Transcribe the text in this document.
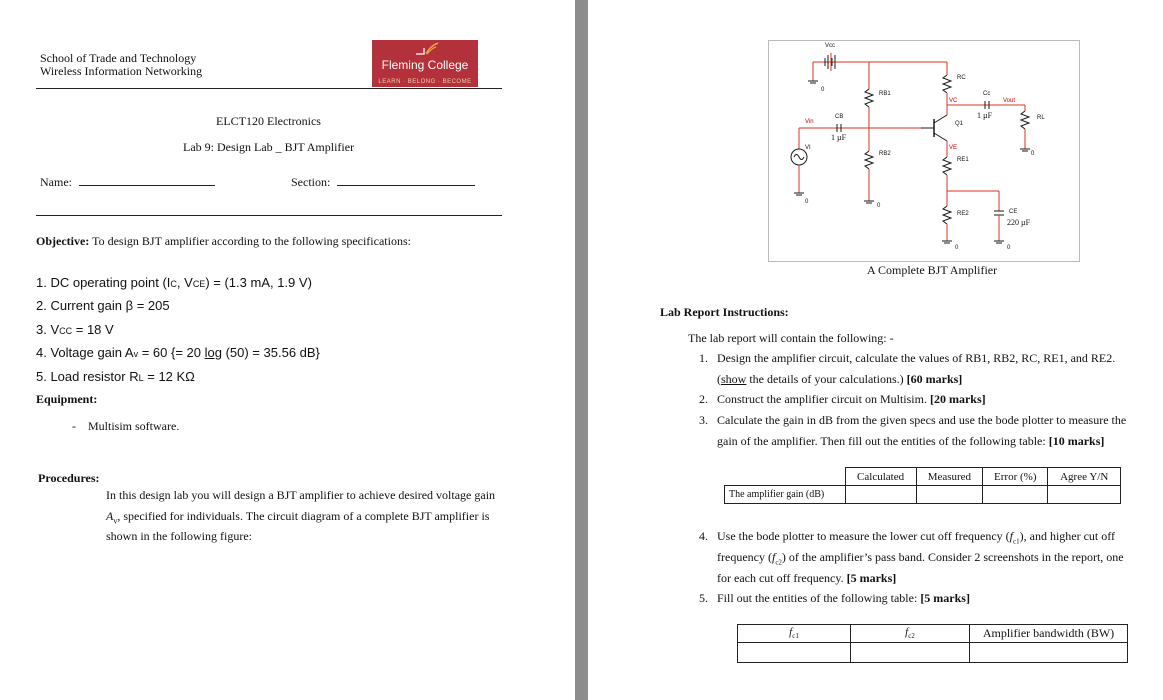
School of Trade and Technology
Wireless Information Networking	Fleming College
LEARN · BELONG · BECOME
ELCT120 Electronics
Lab 9: Design Lab _ BJT Amplifier
Name:	Section:
Objective: To design BJT amplifier according to the following specifications:
1. DC operating point (IC, VCE) = (1.3 mA, 1.9 V)
2. Current gain β = 205
3. VCC = 18 V
4. Voltage gain Av = 60 {= 20 log (50) = 35.56 dB}
5. Load resistor RL = 12 KΩ
Equipment:
- Multisim software.
Procedures:
In this design lab you will design a BJT amplifier to achieve desired voltage gain
$A_v$, specified for individuals. The circuit diagram of a complete BJT amplifier is
shown in the following figure:
Vcc
RC
RB1
RB2
RE1
RE2
CB
1 µF
Cc
1 µF
CE
220 µF
Q1
VC
VE
Vin
Vout
VI
RL
0
0
0
0
0	0
A Complete BJT Amplifier
Lab Report Instructions:
The lab report will contain the following: -
1. Design the amplifier circuit, calculate the values of RB1, RB2, RC, RE1, and RE2.
(show the details of your calculations.) [60 marks]
2. Construct the amplifier circuit on Multisim. [20 marks]
3. Calculate the gain in dB from the given specs and use the bode plotter to measure the
gain of the amplifier. Then fill out the entities of the following table: [10 marks]
	Calculated	Measured	Error (%)	Agree Y/N
The amplifier gain (dB)				
4. Use the bode plotter to measure the lower cut off frequency $(f_{c1})$, and higher cut off
frequency $(f_{c2})$ of the amplifier’s pass band. Consider 2 screenshots in the report, one
for each cut off frequency. [5 marks]
5. Fill out the entities of the following table: [5 marks]
$f_{c1}$	$f_{c2}$	Amplifier bandwidth (BW)
